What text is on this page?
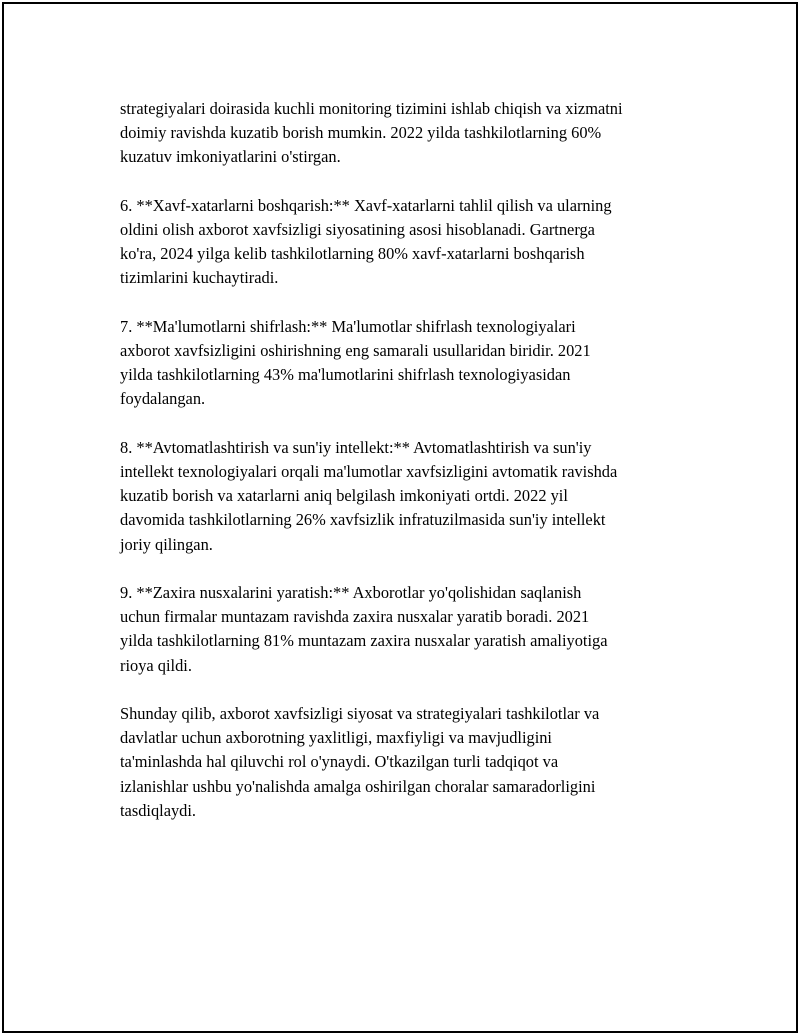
strategiyalari doirasida kuchli monitoring tizimini ishlab chiqish va xizmatni
doimiy ravishda kuzatib borish mumkin. 2022 yilda tashkilotlarning 60%
kuzatuv imkoniyatlarini o'stirgan.

6. **Xavf-xatarlarni boshqarish:** Xavf-xatarlarni tahlil qilish va ularning
oldini olish axborot xavfsizligi siyosatining asosi hisoblanadi. Gartnerga
ko'ra, 2024 yilga kelib tashkilotlarning 80% xavf-xatarlarni boshqarish
tizimlarini kuchaytiradi.

7. **Ma'lumotlarni shifrlash:** Ma'lumotlar shifrlash texnologiyalari
axborot xavfsizligini oshirishning eng samarali usullaridan biridir. 2021
yilda tashkilotlarning 43% ma'lumotlarini shifrlash texnologiyasidan
foydalangan.

8. **Avtomatlashtirish va sun'iy intellekt:** Avtomatlashtirish va sun'iy
intellekt texnologiyalari orqali ma'lumotlar xavfsizligini avtomatik ravishda
kuzatib borish va xatarlarni aniq belgilash imkoniyati ortdi. 2022 yil
davomida tashkilotlarning 26% xavfsizlik infratuzilmasida sun'iy intellekt
joriy qilingan.

9. **Zaxira nusxalarini yaratish:** Axborotlar yo'qolishidan saqlanish
uchun firmalar muntazam ravishda zaxira nusxalar yaratib boradi. 2021
yilda tashkilotlarning 81% muntazam zaxira nusxalar yaratish amaliyotiga
rioya qildi.

Shunday qilib, axborot xavfsizligi siyosat va strategiyalari tashkilotlar va
davlatlar uchun axborotning yaxlitligi, maxfiyligi va mavjudligini
ta'minlashda hal qiluvchi rol o'ynaydi. O'tkazilgan turli tadqiqot va
izlanishlar ushbu yo'nalishda amalga oshirilgan choralar samaradorligini
tasdiqlaydi.
